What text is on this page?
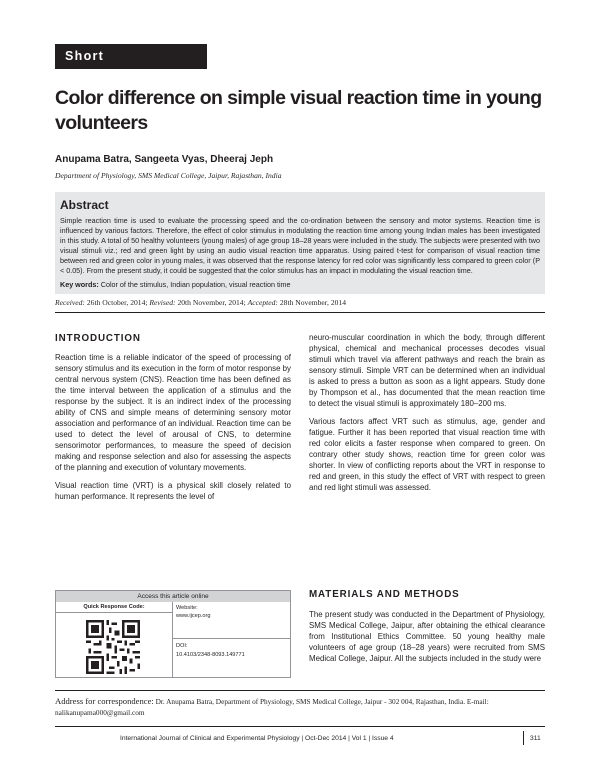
Short Communication
Color difference on simple visual reaction time in young volunteers
Anupama Batra, Sangeeta Vyas, Dheeraj Jeph
Department of Physiology, SMS Medical College, Jaipur, Rajasthan, India
Abstract
Simple reaction time is used to evaluate the processing speed and the co-ordination between the sensory and motor systems. Reaction time is influenced by various factors. Therefore, the effect of color stimulus in modulating the reaction time among young Indian males has been investigated in this study. A total of 50 healthy volunteers (young males) of age group 18–28 years were included in the study. The subjects were presented with two visual stimuli viz.; red and green light by using an audio visual reaction time apparatus. Using paired t-test for comparison of visual reaction time between red and green color in young males, it was observed that the response latency for red color was significantly less compared to green color (P < 0.05). From the present study, it could be suggested that the color stimulus has an impact in modulating the visual reaction time.
Key words: Color of the stimulus, Indian population, visual reaction time
Received: 26th October, 2014; Revised: 20th November, 2014; Accepted: 28th November, 2014
INTRODUCTION

Reaction time is a reliable indicator of the speed of processing of sensory stimulus and its execution in the form of motor response by central nervous system (CNS). Reaction time has been defined as the time interval between the application of a stimulus and the response by the subject. It is an indirect index of the processing ability of CNS and simple means of determining sensory motor association and performance of an individual. Reaction time can be used to detect the level of arousal of CNS, to determine sensorimotor performances, to measure the speed of decision making and response selection and also for assessing the aspects of the planning and execution of voluntary movements.

Visual reaction time (VRT) is a physical skill closely related to human performance. It represents the level of

neuro-muscular coordination in which the body, through different physical, chemical and mechanical processes decodes visual stimuli which travel via afferent pathways and reach the brain as sensory stimuli. Simple VRT can be determined when an individual is asked to press a button as soon as a light appears. Study done by Thompson et al., has documented that the mean reaction time to detect the visual stimuli is approximately 180–200 ms.

Various factors affect VRT such as stimulus, age, gender and fatigue. Further it has been reported that visual reaction time with red color elicits a faster response when compared to green. On contrary other study shows, reaction time for green color was shorter. In view of conflicting reports about the VRT in response to red and green, in this study the effect of VRT with respect to green and red light stimuli was assessed.

MATERIALS AND METHODS
The present study was conducted in the Department of Physiology, SMS Medical College, Jaipur, after obtaining the ethical clearance from Institutional Ethics Committee. 50 young healthy male volunteers of age group (18–28 years) were recruited from SMS Medical College, Jaipur. All the subjects included in the study were
Access this article online
Quick Response Code:	Website:
www.ijcep.org
DOI:
10.4103/2348-8093.149771
Address for correspondence: Dr. Anupama Batra, Department of Physiology, SMS Medical College, Jaipur - 302 004, Rajasthan, India. E-mail: nalikanupama000@gmail.com
International Journal of Clinical and Experimental Physiology | Oct-Dec 2014 | Vol 1 | Issue 4	311
